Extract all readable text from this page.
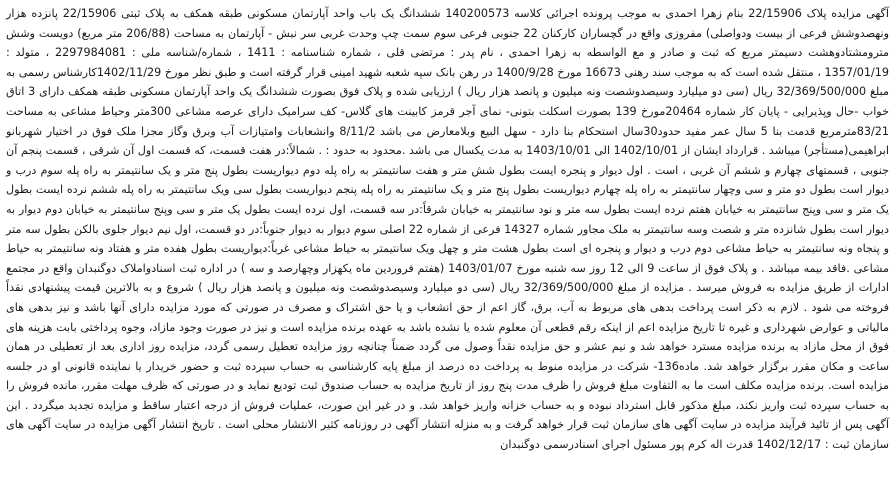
آگهی مزایده پلاک 22/15906 بنام زهرا احمدی به موجب پرونده اجرائی کلاسه 140200573 ششدانگ یک باب واحد آپارتمان مسکونی طبقه همکف به پلاک ثبتی 22/15906 پانزده هزار ونهصدوشش فرعی از بیست ودواصلی) مفروزی واقع در گچساران کارکنان 22 جنوبی فرعی سوم سمت چپ وحدت غربی سر نبش - آپارتمان به مساحت (206/88 متر مربع) دویست وشش مترومشتادوهشت دسیمتر مربع که ثبت و صادر و مع الواسطه به زهرا احمدی ، نام پدر : مرتضی قلی ، شماره شناسنامه : 1411 ، شماره/شناسه ملی : 2297984081 ، متولد : 1357/01/19 ، منتقل شده است که به موجب سند رهنی 16673 مورخ 1400/9/28 در رهن بانک سپه شعبه شهید امینی قرار گرفته است و طبق نظر مورخ 1402/11/29کارشناس رسمی به مبلغ 32/369/500/000 ریال (سی دو میلیارد وسیصدوشصت ونه میلیون و پانصد هزار ریال ) ارزیابی شده و پلاک فوق بصورت ششدانگ یک واحد آپارتمان مسکونی طبقه همکف دارای 3 اتاق خواب -حال وپذیرایی - پایان کار شماره 20464مورخ 139 بصورت اسکلت بتونی- نمای آجر قرمز کابینت های گلاس- کف سرامیک دارای عرصه مشاعی 300متر وحیاط مشاعی به مساحت 83/21مترمربع قدمت بنا 5 سال عمر مفید حدود30سال استحکام بنا دارد - سهل البیع وبلامعارض می باشد 8/11/2 وانشعابات وامتیازات آب وبرق وگاز مجزا ملک فوق در اختیار شهربانو ابراهیمی(مستأجر) میباشد . قرارداد ایشان از 1402/10/01 الی 1403/10/01 به مدت یکسال می باشد .محدود به حدود : . شمالاً:در هفت قسمت، که قسمت اول آن شرقی ، قسمت پنجم آن جنوبی ، قسمتهای چهارم و ششم آن غربی ، است . اول دیوار و پنجره ایست بطول شش متر و هفت سانتیمتر به راه پله دوم دیواریست بطول پنج متر و یک سانتیمتر به راه پله سوم درب و دیوار است بطول دو متر و سی وچهار سانتیمتر به راه پله چهارم دیواریست بطول پنج متر و یک سانتیمتر به راه پله پنجم دیواریست بطول سی ویک سانتیمتر به راه پله ششم نرده ایست بطول یک متر و سی وپنج سانتیمتر به خیابان هفتم نرده ایست بطول سه متر و نود سانتیمتر به خیابان شرقاً:در سه قسمت، اول نرده ایست بطول یک متر و سی وپنج سانتیمتر به خیابان دوم دیوار به دیوار است بطول شانزده متر و شصت وسه سانتیمتر به ملک مجاور شماره 14327 فرعی از شماره 22 اصلی سوم دیوار به دیوار جنوباً:در دو قسمت، اول نیم دیوار جلوی بالکن بطول سه متر و پنجاه ونه سانتیمتر به حیاط مشاعی دوم درب و دیوار و پنجره ای است بطول هشت متر و چهل ویک سانتیمتر به حیاط مشاعی غرباً:دیواریست بطول هفده متر و هفتاد ونه سانتیمتر به حیاط مشاعی .فاقد بیمه میباشد . و پلاک فوق از ساعت 9 الی 12 روز سه شنبه مورخ 1403/01/07 (هفتم فروردین ماه یکهزار وچهارصد و سه ) در اداره ثبت اسنادواملاک دوگنبدان واقع در مجتمع ادارات از طریق مزایده به فروش میرسد . مزایده از مبلغ 32/369/500/000 ریال (سی دو میلیارد وسیصدوشصت ونه میلیون و پانصد هزار ریال ) شروع و به بالاترین قیمت پیشنهادی نقداً فروخته می شود . لازم به ذکر است پرداخت بدهی های مربوط به آب، برق، گاز اعم از حق انشعاب و یا حق اشتراک و مصرف در صورتی که مورد مزایده دارای آنها باشد و نیز بدهی های مالیاتی و عوارض شهرداری و غیره تا تاریخ مزایده اعم از اینکه رقم قطعی آن معلوم شده یا نشده باشد به عهده برنده مزایده است و نیز در صورت وجود مازاد، وجوه پرداختی بابت هزینه های فوق از محل مازاد به برنده مزایده مسترد خواهد شد و نیم عشر و حق مزایده نقداً وصول می گردد ضمناً چنانچه روز مزایده تعطیل رسمی گردد، مزایده روز اداری بعد از تعطیلی در همان ساعت و مکان مقرر برگزار خواهد شد. ماده136- شرکت در مزایده منوط به پرداخت ده درصد از مبلغ پایه کارشناسی به حساب سپرده ثبت و حضور خریدار یا نماینده قانونی او در جلسه مزایده است. برنده مزایده مکلف است ما به التفاوت مبلغ فروش را ظرف مدت پنج روز از تاریخ مزایده به حساب صندوق ثبت تودیع نماید و در صورتی که ظرف مهلت مقرر، مانده فروش را به حساب سپرده ثبت واریز نکند، مبلغ مذکور قابل استرداد نبوده و به حساب خزانه واریز خواهد شد. و در غیر این صورت، عملیات فروش از درجه اعتبار ساقط و مزایده تجدید میگردد . این آگهی پس از تائید فرآیند مزایده در سایت آگهی های سازمان ثبت قرار خواهد گرفت و به منزله انتشار آگهی در روزنامه کثیر الانتشار محلی است . تاریخ انتشار آگهی مزایده در سایت آگهی های سازمان ثبت : 1402/12/17 قدرت اله کرم پور مسئول اجرای اسنادرسمی دوگنبدان
